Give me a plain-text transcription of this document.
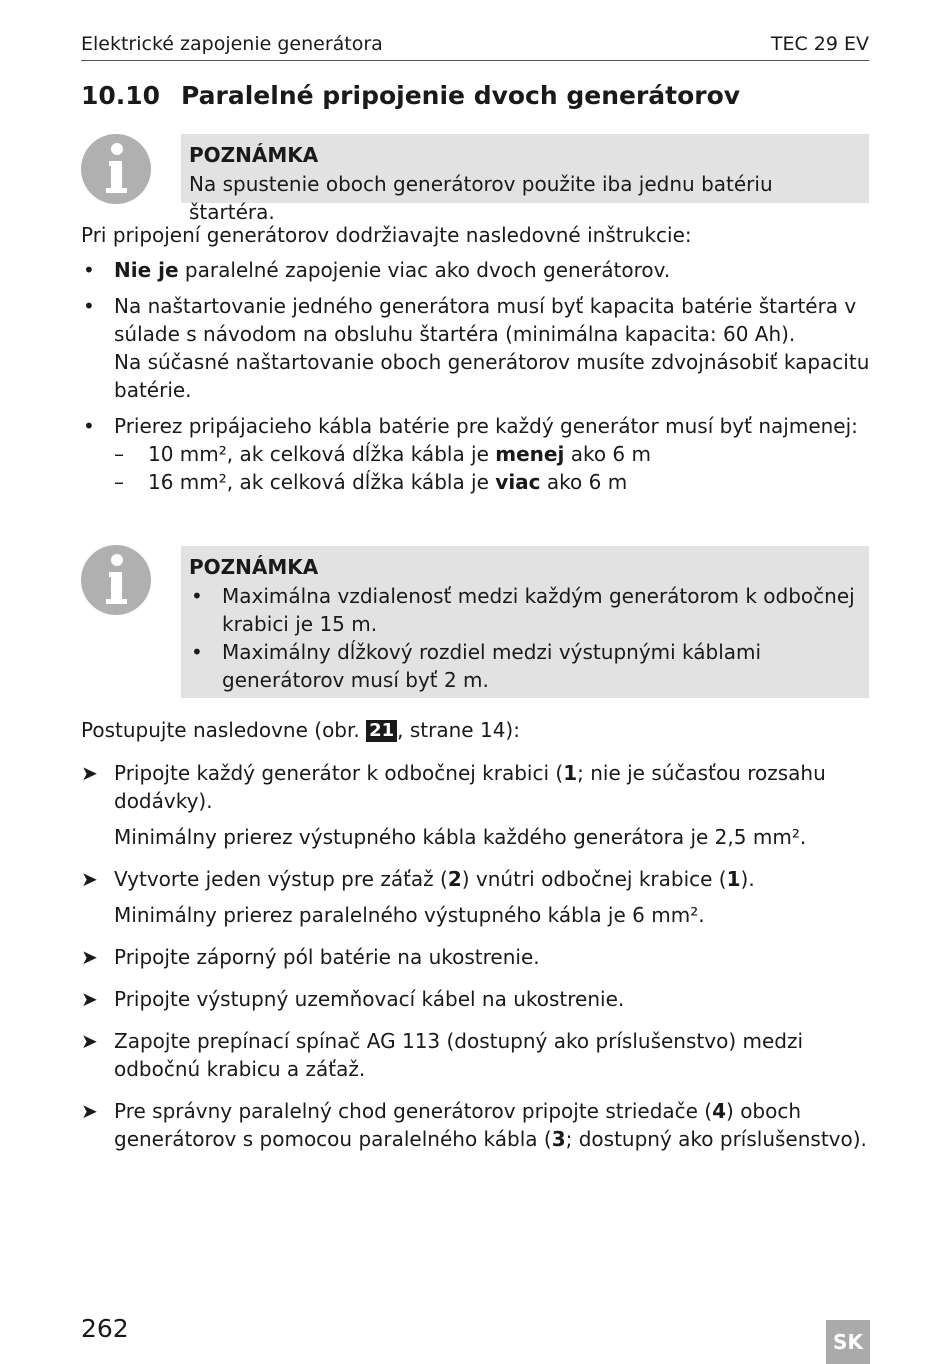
Elektrické zapojenie generátora	TEC 29 EV
10.10 Paralelné pripojenie dvoch generátorov
POZNÁMKA
Na spustenie oboch generátorov použite iba jednu batériu štartéra.
Pri pripojení generátorov dodržiavajte nasledovné inštrukcie:
• Nie je paralelné zapojenie viac ako dvoch generátorov.
• Na naštartovanie jedného generátora musí byť kapacita batérie štartéra v súlade s návodom na obsluhu štartéra (minimálna kapacita: 60 Ah).
Na súčasné naštartovanie oboch generátorov musíte zdvojnásobiť kapacitu batérie.
• Prierez pripájacieho kábla batérie pre každý generátor musí byť najmenej:
– 10 mm², ak celková dĺžka kábla je menej ako 6 m
– 16 mm², ak celková dĺžka kábla je viac ako 6 m
POZNÁMKA
• Maximálna vzdialenosť medzi každým generátorom k odbočnej krabici je 15 m.
• Maximálny dĺžkový rozdiel medzi výstupnými káblami generátorov musí byť 2 m.
Postupujte nasledovne (obr. 21 , strane 14):
➤ Pripojte každý generátor k odbočnej krabici (1; nie je súčasťou rozsahu dodávky).
Minimálny prierez výstupného kábla každého generátora je 2,5 mm².
➤ Vytvorte jeden výstup pre záťaž (2) vnútri odbočnej krabice (1).
Minimálny prierez paralelného výstupného kábla je 6 mm².
➤ Pripojte záporný pól batérie na ukostrenie.
➤ Pripojte výstupný uzemňovací kábel na ukostrenie.
➤ Zapojte prepínací spínač AG 113 (dostupný ako príslušenstvo) medzi odbočnú krabicu a záťaž.
➤ Pre správny paralelný chod generátorov pripojte striedače (4) oboch generátorov s pomocou paralelného kábla (3; dostupný ako príslušenstvo).
262	SK
